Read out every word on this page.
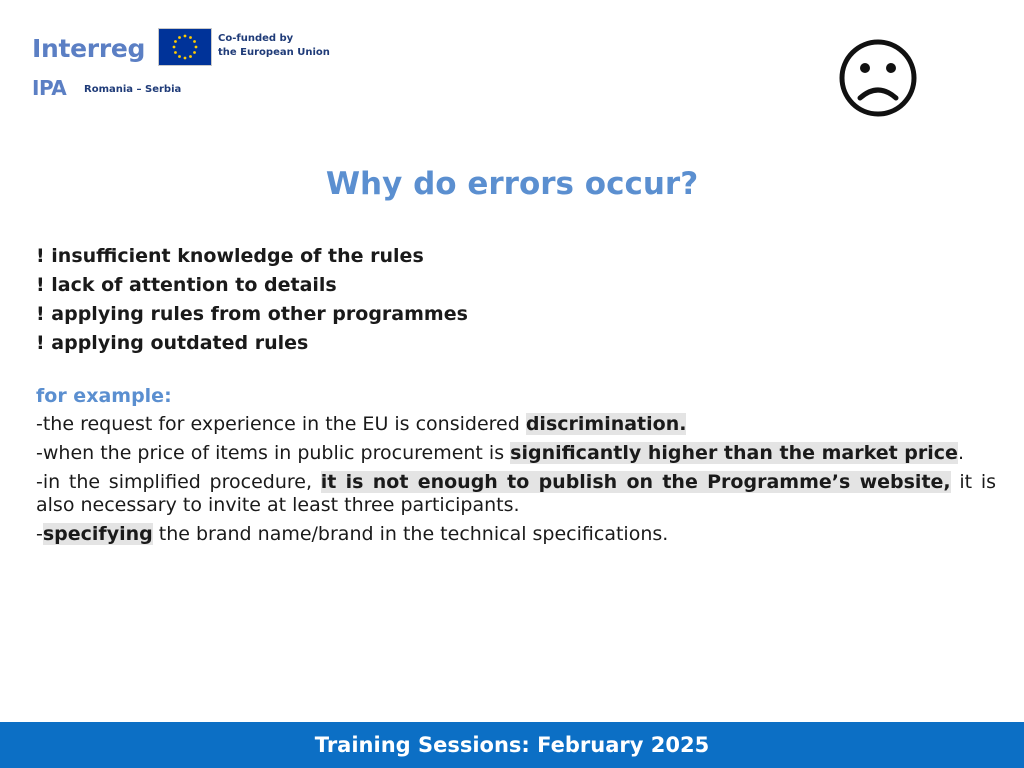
Interreg	Co-funded by
the European Union
IPA Romania – Serbia
Why do errors occur?
! insufficient knowledge of the rules
! lack of attention to details
! applying rules from other programmes
! applying outdated rules
for example:
-the request for experience in the EU is considered discrimination.
-when the price of items in public procurement is significantly higher than the market price.
-in the simplified procedure, it is not enough to publish on the Programme’s website, it is also necessary to invite at least three participants.
-specifying the brand name/brand in the technical specifications.
Training Sessions: February 2025
